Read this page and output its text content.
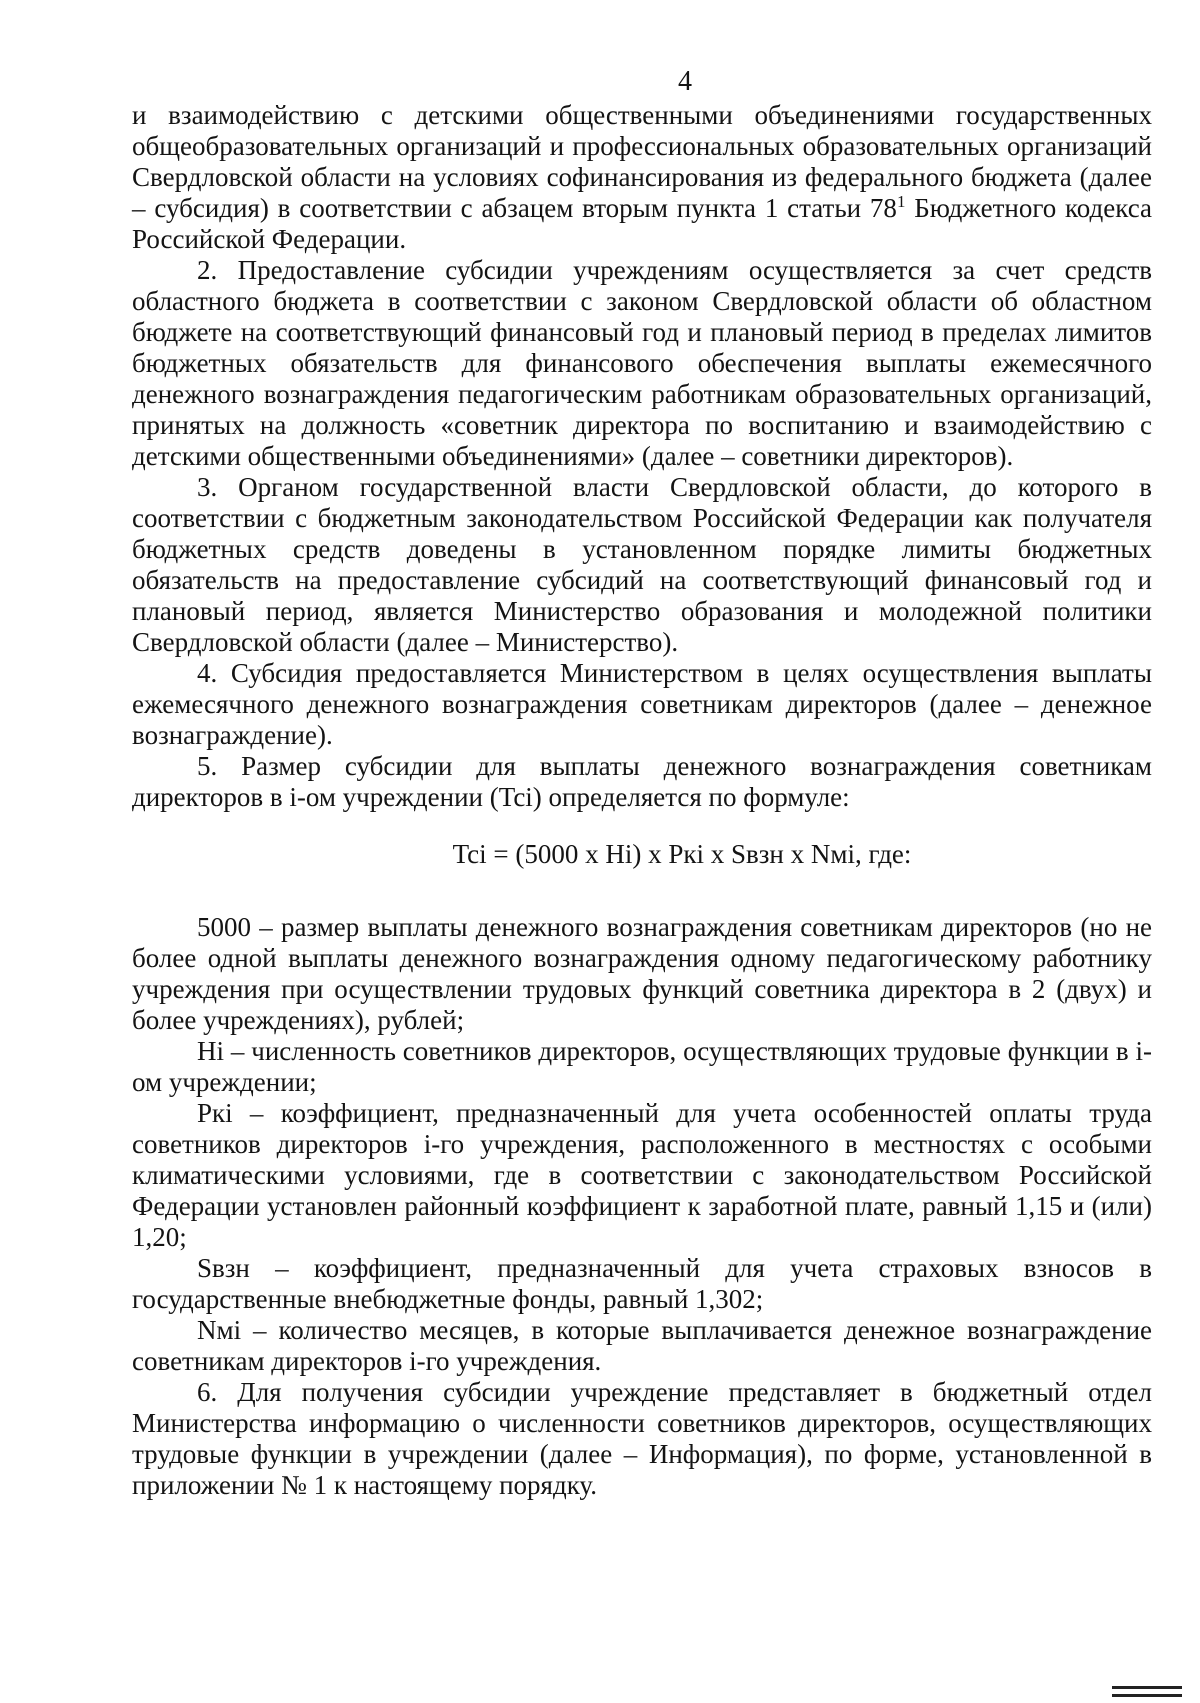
4

и взаимодействию с детскими общественными объединениями государственных общеобразовательных организаций и профессиональных образовательных организаций Свердловской области на условиях софинансирования из федерального бюджета (далее – субсидия) в соответствии с абзацем вторым пункта 1 статьи $78^1$ Бюджетного кодекса Российской Федерации.

2. Предоставление субсидии учреждениям осуществляется за счет средств областного бюджета в соответствии с законом Свердловской области об областном бюджете на соответствующий финансовый год и плановый период в пределах лимитов бюджетных обязательств для финансового обеспечения выплаты ежемесячного денежного вознаграждения педагогическим работникам образовательных организаций, принятых на должность «советник директора по воспитанию и взаимодействию с детскими общественными объединениями» (далее – советники директоров).

3. Органом государственной власти Свердловской области, до которого в соответствии с бюджетным законодательством Российской Федерации как получателя бюджетных средств доведены в установленном порядке лимиты бюджетных обязательств на предоставление субсидий на соответствующий финансовый год и плановый период, является Министерство образования и молодежной политики Свердловской области (далее – Министерство).

4. Субсидия предоставляется Министерством в целях осуществления выплаты ежемесячного денежного вознаграждения советникам директоров (далее – денежное вознаграждение).

5. Размер субсидии для выплаты денежного вознаграждения советникам директоров в i-ом учреждении (Tci) определяется по формуле:

Tci = (5000 x Hi) x Pкi x Sвзн x Nмi, где:

5000 – размер выплаты денежного вознаграждения советникам директоров (но не более одной выплаты денежного вознаграждения одному педагогическому работнику учреждения при осуществлении трудовых функций советника директора в 2 (двух) и более учреждениях), рублей;

Hi – численность советников директоров, осуществляющих трудовые функции в i-ом учреждении;

Pкi – коэффициент, предназначенный для учета особенностей оплаты труда советников директоров i-го учреждения, расположенного в местностях с особыми климатическими условиями, где в соответствии с законодательством Российской Федерации установлен районный коэффициент к заработной плате, равный 1,15 и (или) 1,20;

Sвзн – коэффициент, предназначенный для учета страховых взносов в государственные внебюджетные фонды, равный 1,302;

Nмi – количество месяцев, в которые выплачивается денежное вознаграждение советникам директоров i-го учреждения.

6. Для получения субсидии учреждение представляет в бюджетный отдел Министерства информацию о численности советников директоров, осуществляющих трудовые функции в учреждении (далее – Информация), по форме, установленной в приложении № 1 к настоящему порядку.
